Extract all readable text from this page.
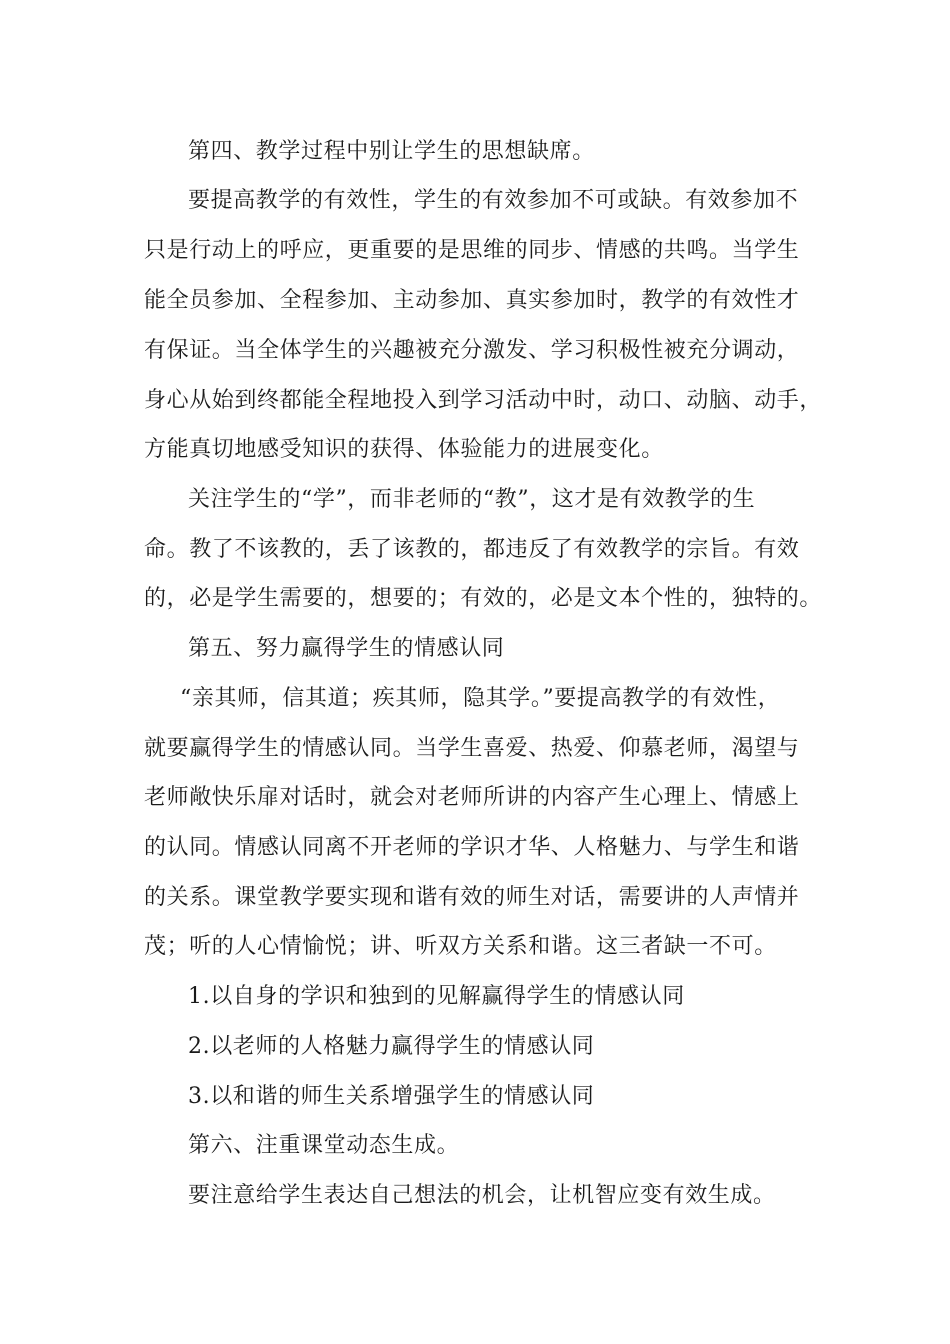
第四、教学过程中别让学生的思想缺席。
要提高教学的有效性，学生的有效参加不可或缺。有效参加不
只是行动上的呼应，更重要的是思维的同步、情感的共鸣。当学生
能全员参加、全程参加、主动参加、真实参加时，教学的有效性才
有保证。当全体学生的兴趣被充分激发、学习积极性被充分调动，
身心从始到终都能全程地投入到学习活动中时，动口、动脑、动手，
方能真切地感受知识的获得、体验能力的进展变化。
关注学生的“学”，而非老师的“教”，这才是有效教学的生
命。教了不该教的，丢了该教的，都违反了有效教学的宗旨。有效
的，必是学生需要的，想要的；有效的，必是文本个性的，独特的。
第五、努力赢得学生的情感认同
“亲其师，信其道；疾其师，隐其学。”要提高教学的有效性，
就要赢得学生的情感认同。当学生喜爱、热爱、仰慕老师，渴望与
老师敞快乐扉对话时，就会对老师所讲的内容产生心理上、情感上
的认同。情感认同离不开老师的学识才华、人格魅力、与学生和谐
的关系。课堂教学要实现和谐有效的师生对话，需要讲的人声情并
茂；听的人心情愉悦；讲、听双方关系和谐。这三者缺一不可。
1.以自身的学识和独到的见解赢得学生的情感认同
2.以老师的人格魅力赢得学生的情感认同
3.以和谐的师生关系增强学生的情感认同
第六、注重课堂动态生成。
要注意给学生表达自己想法的机会，让机智应变有效生成。
